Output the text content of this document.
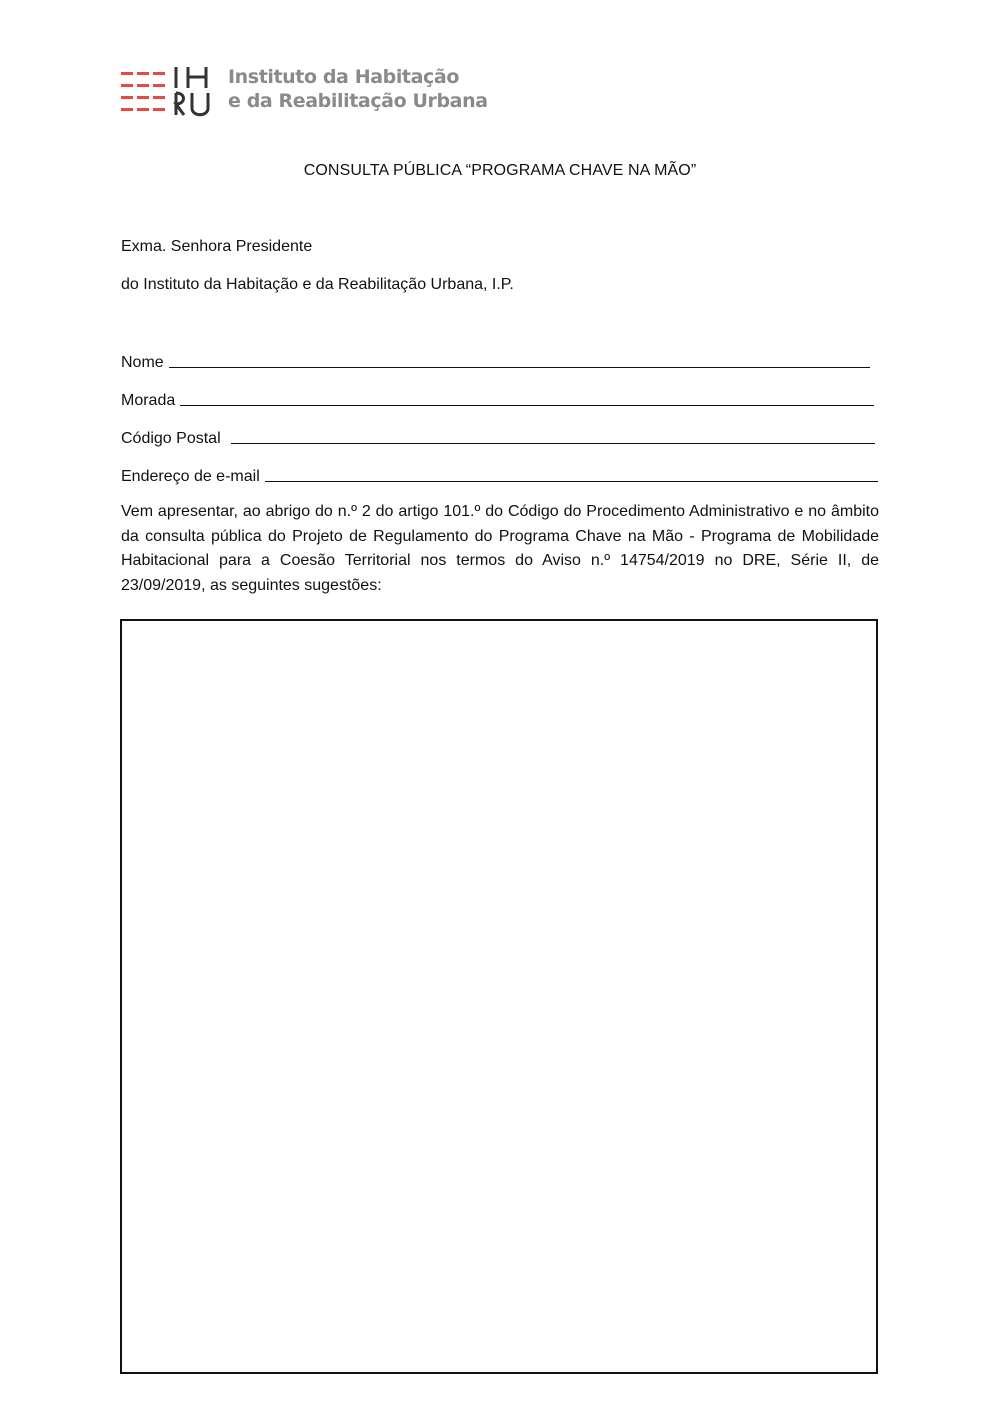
Instituto da Habitação
e da Reabilitação Urbana
CONSULTA PÚBLICA “PROGRAMA CHAVE NA MÃO”
Exma. Senhora Presidente
do Instituto da Habitação e da Reabilitação Urbana, I.P.
Nome
Morada
Código Postal
Endereço de e-mail
Vem apresentar, ao abrigo do n.º 2 do artigo 101.º do Código do Procedimento Administrativo e no âmbito da consulta pública do Projeto de Regulamento do Programa Chave na Mão - Programa de Mobilidade Habitacional para a Coesão Territorial nos termos do Aviso n.º 14754/2019 no DRE, Série II, de 23/09/2019, as seguintes sugestões:
